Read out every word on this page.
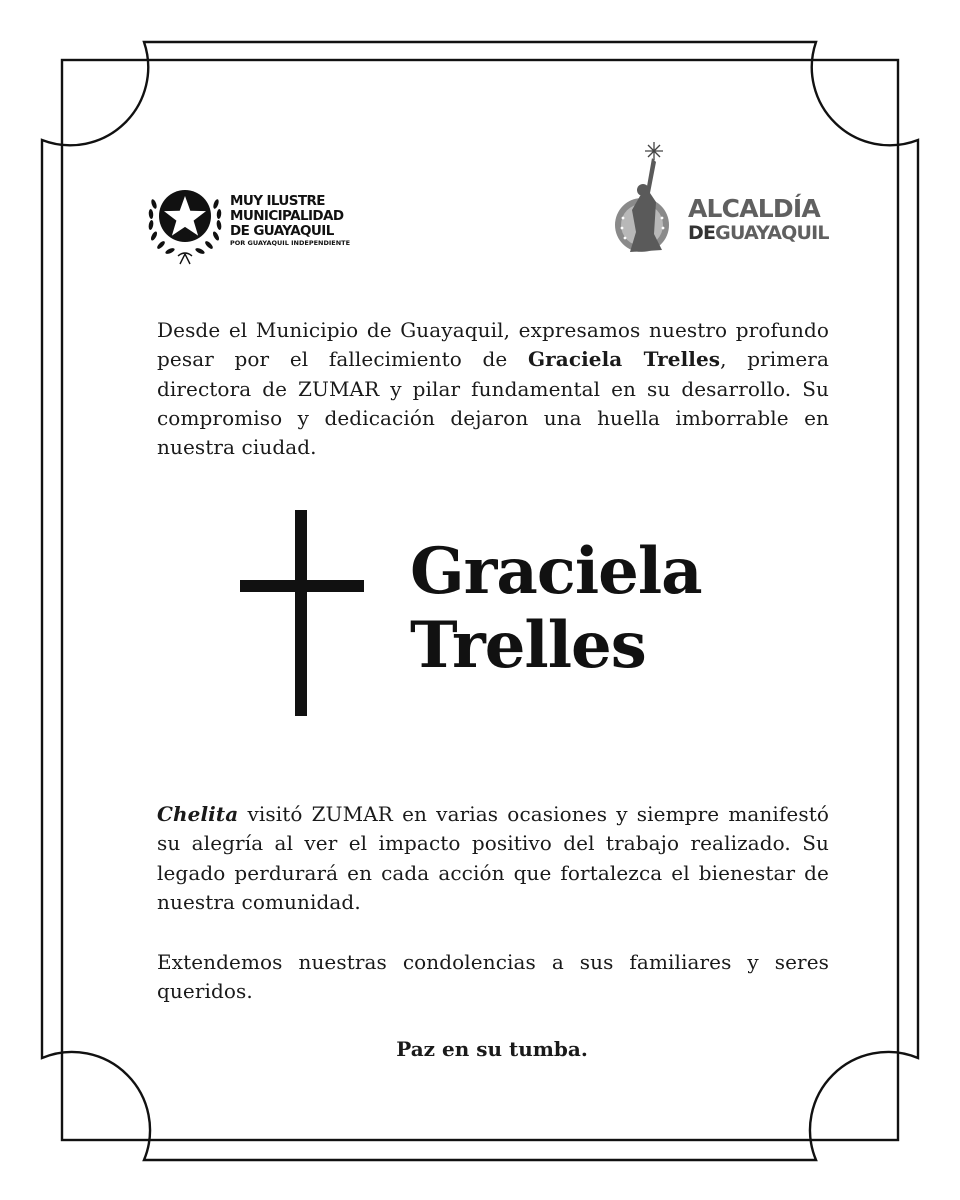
MUY ILUSTRE
MUNICIPALIDAD
DE GUAYAQUIL
POR GUAYAQUIL INDEPENDIENTE
ALCALDÍA
DEGUAYAQUIL

Desde el Municipio de Guayaquil, expresamos nuestro profundo pesar por el fallecimiento de Graciela Trelles, primera directora de ZUMAR y pilar fundamental en su desarrollo. Su compromiso y dedicación dejaron una huella imborrable en nuestra ciudad.

Graciela
Trelles

Chelita visitó ZUMAR en varias ocasiones y siempre manifestó su alegría al ver el impacto positivo del trabajo realizado. Su legado perdurará en cada acción que fortalezca el bienestar de nuestra comunidad.

Extendemos nuestras condolencias a sus familiares y seres queridos.

Paz en su tumba.
